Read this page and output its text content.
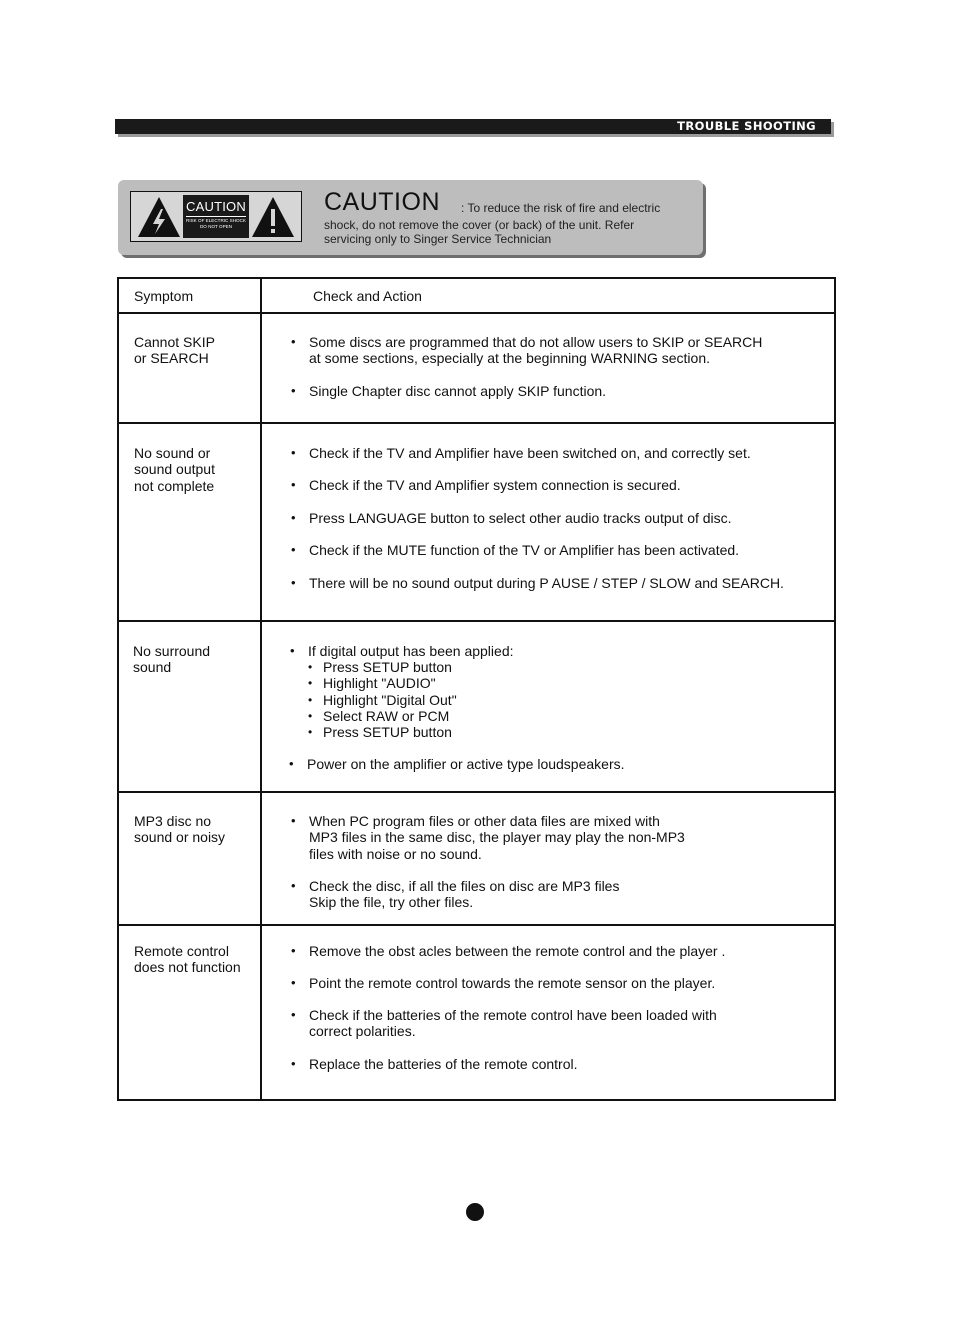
TROUBLE SHOOTING
CAUTION
RISK OF ELECTRIC SHOCK
DO NOT OPEN
CAUTION : To reduce the risk of fire and electric
shock, do not remove the cover (or back) of the unit. Refer
servicing only to Singer Service Technician
Symptom	Check and Action
Cannot SKIP
or SEARCH
• Some discs are programmed that do not allow users to SKIP or SEARCH
at some sections, especially at the beginning WARNING section.
• Single Chapter disc cannot apply SKIP function.
No sound or
sound output
not complete
• Check if the TV and Amplifier have been switched on, and correctly set.
• Check if the TV and Amplifier system connection is secured.
• Press LANGUAGE button to select other audio tracks output of disc.
• Check if the MUTE function of the TV or Amplifier has been activated.
• There will be no sound output during P AUSE / STEP / SLOW and SEARCH.
No surround
sound
• If digital output has been applied:
• Press SETUP button
• Highlight "AUDIO"
• Highlight "Digital Out"
• Select RAW or PCM
• Press SETUP button
• Power on the amplifier or active type loudspeakers.
MP3 disc no
sound or noisy
• When PC program files or other data files are mixed with
MP3 files in the same disc, the player may play the non-MP3
files with noise or no sound.
• Check the disc, if all the files on disc are MP3 files
Skip the file, try other files.
Remote control
does not function
• Remove the obst acles between the remote control and the player .
• Point the remote control towards the remote sensor on the player.
• Check if the batteries of the remote control have been loaded with
correct polarities.
• Replace the batteries of the remote control.
